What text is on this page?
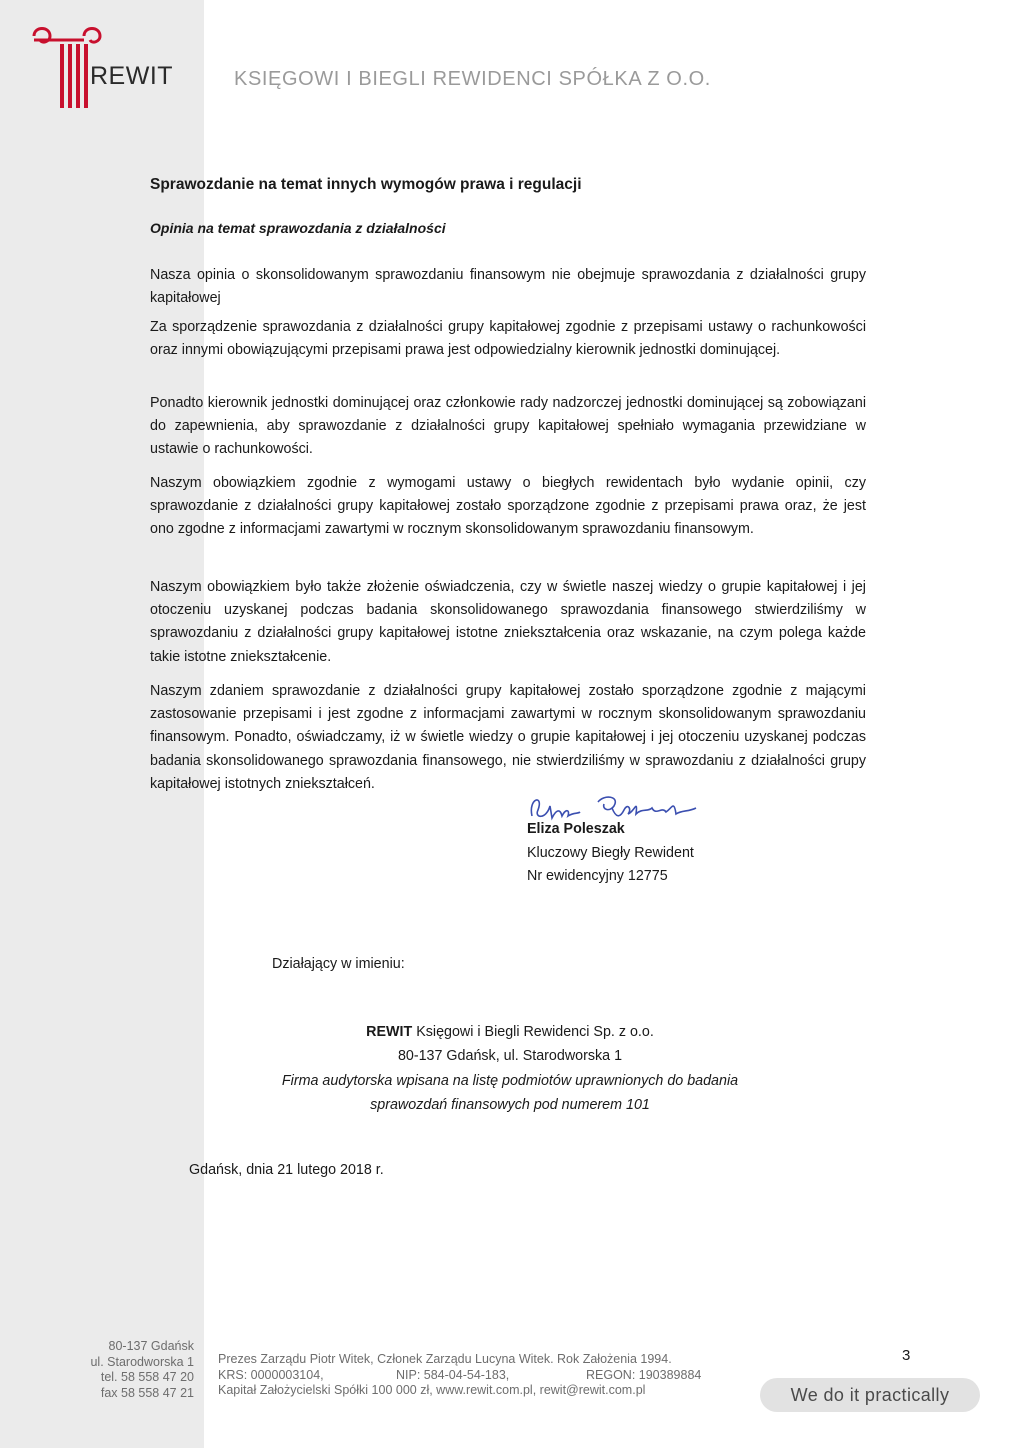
REWIT	KSIĘGOWI I BIEGLI REWIDENCI SPÓŁKA Z O.O.
Sprawozdanie na temat innych wymogów prawa i regulacji
Opinia na temat sprawozdania z działalności

Nasza opinia o skonsolidowanym sprawozdaniu finansowym nie obejmuje sprawozdania z działalności grupy kapitałowej

Za sporządzenie sprawozdania z działalności grupy kapitałowej zgodnie z przepisami ustawy o rachunkowości oraz innymi obowiązującymi przepisami prawa jest odpowiedzialny kierownik jednostki dominującej.

Ponadto kierownik jednostki dominującej oraz członkowie rady nadzorczej jednostki dominującej są zobowiązani do zapewnienia, aby sprawozdanie z działalności grupy kapitałowej spełniało wymagania przewidziane w ustawie o rachunkowości.

Naszym obowiązkiem zgodnie z wymogami ustawy o biegłych rewidentach było wydanie opinii, czy sprawozdanie z działalności grupy kapitałowej zostało sporządzone zgodnie z przepisami prawa oraz, że jest ono zgodne z informacjami zawartymi w rocznym skonsolidowanym sprawozdaniu finansowym.

Naszym obowiązkiem było także złożenie oświadczenia, czy w świetle naszej wiedzy o grupie kapitałowej i jej otoczeniu uzyskanej podczas badania skonsolidowanego sprawozdania finansowego stwierdziliśmy w sprawozdaniu z działalności grupy kapitałowej istotne zniekształcenia oraz wskazanie, na czym polega każde takie istotne zniekształcenie.

Naszym zdaniem sprawozdanie z działalności grupy kapitałowej zostało sporządzone zgodnie z mającymi zastosowanie przepisami i jest zgodne z informacjami zawartymi w rocznym skonsolidowanym sprawozdaniu finansowym. Ponadto, oświadczamy, iż w świetle wiedzy o grupie kapitałowej i jej otoczeniu uzyskanej podczas badania skonsolidowanego sprawozdania finansowego, nie stwierdziliśmy w sprawozdaniu z działalności grupy kapitałowej istotnych zniekształceń.

Eliza Poleszak
Kluczowy Biegły Rewident
Nr ewidencyjny 12775
Działający w imieniu:
REWIT Księgowi i Biegli Rewidenci Sp. z o.o.
80-137 Gdańsk, ul. Starodworska 1
Firma audytorska wpisana na listę podmiotów uprawnionych do badania
sprawozdań finansowych pod numerem 101
Gdańsk, dnia 21 lutego 2018 r.
80-137 Gdańsk
ul. Starodworska 1
tel. 58 558 47 20
fax 58 558 47 21
Prezes Zarządu Piotr Witek, Członek Zarządu Lucyna Witek. Rok Założenia 1994.
KRS: 0000003104,	NIP: 584-04-54-183,	REGON: 190389884
Kapitał Założycielski Spółki 100 000 zł, www.rewit.com.pl, rewit@rewit.com.pl
3
We do it practically
